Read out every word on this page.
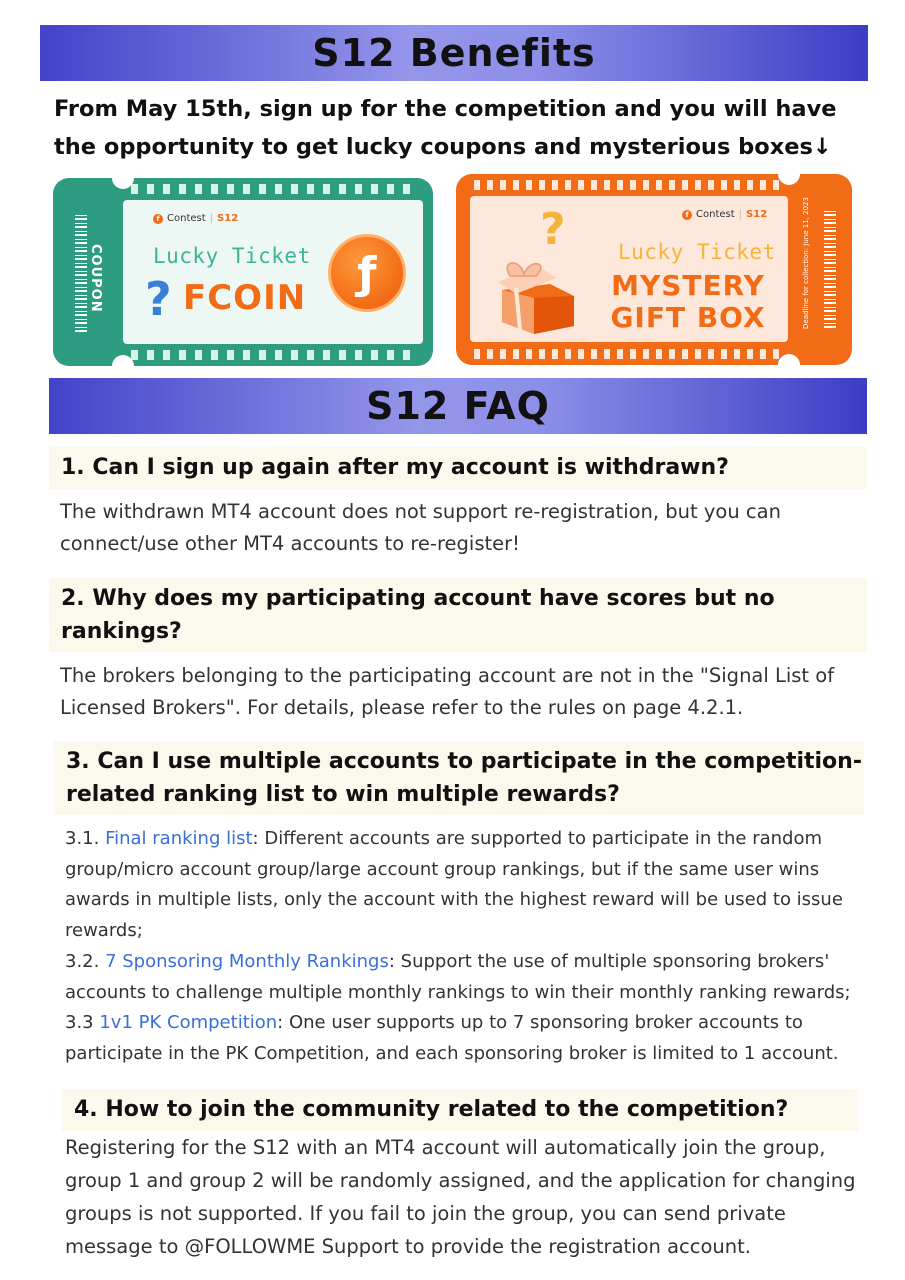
S12 Benefits
From May 15th, sign up for the competition and you will have the opportunity to get lucky coupons and mysterious boxes↓
COUPON
f Contest | S12
Lucky Ticket
? FCOIN ƒ
f Contest | S12
? Lucky Ticket
MYSTERY
GIFT BOX	Deadline for collection: June 11, 2023
S12 FAQ
1. Can I sign up again after my account is withdrawn?
The withdrawn MT4 account does not support re-registration, but you can connect/use other MT4 accounts to re-register!
2. Why does my participating account have scores but no rankings?
The brokers belonging to the participating account are not in the "Signal List of Licensed Brokers". For details, please refer to the rules on page 4.2.1.
3. Can I use multiple accounts to participate in the competition-related ranking list to win multiple rewards?
3.1. Final ranking list: Different accounts are supported to participate in the random group/micro account group/large account group rankings, but if the same user wins awards in multiple lists, only the account with the highest reward will be used to issue rewards;
3.2. 7 Sponsoring Monthly Rankings: Support the use of multiple sponsoring brokers' accounts to challenge multiple monthly rankings to win their monthly ranking rewards;
3.3 1v1 PK Competition: One user supports up to 7 sponsoring broker accounts to participate in the PK Competition, and each sponsoring broker is limited to 1 account.
4. How to join the community related to the competition?
Registering for the S12 with an MT4 account will automatically join the group, group 1 and group 2 will be randomly assigned, and the application for changing groups is not supported. If you fail to join the group, you can send private message to @FOLLOWME Support to provide the registration account.
